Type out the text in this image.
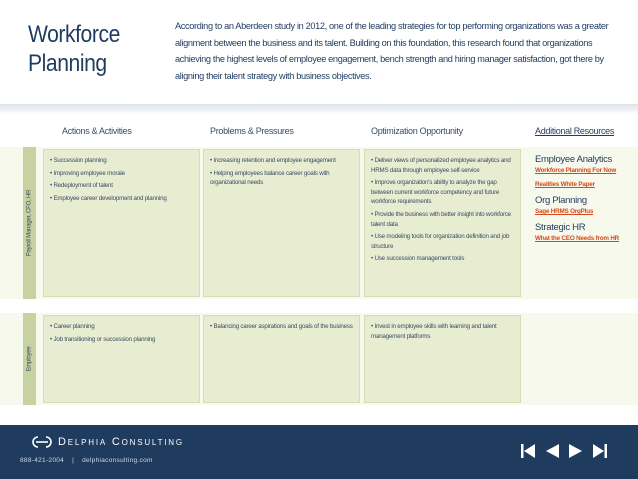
Workforce
Planning
According to an Aberdeen study in 2012, one of the leading strategies for top performing organizations was a greater alignment between the business and its talent. Building on this foundation, this research found that organizations achieving the highest levels of employee engagement, bench strength and hiring manager satisfaction, got there by aligning their talent strategy with business objectives.
Actions & Activities	Problems & Pressures	Optimization Opportunity	Additional Resources
Payroll Manager, CFO, HR
• Succession planning
• Improving employee morale
• Redeployment of talent
• Employee career development and planning
• Increasing retention and employee engagement
• Helping employees balance career goals with organizational needs
• Deliver views of personalized employee analytics and HRMS data through employee self-service
• Improve organization's ability to analyze the gap between current workforce competency and future workforce requirements
• Provide the business with better insight into workforce talent data
• Use modeling tools for organization definition and job structure
• Use succession management tools
Employee
• Career planning
• Job transitioning or succession planning
• Balancing career aspirations and goals of the business
•	Invest in employee skills with learning and talent management platforms
Employee Analytics
Workforce Planning For Now
Realities White Paper
Org Planning
Sage HRMS OrgPlus
Strategic HR
What the CEO Needs from HR
Delphia Consulting
888-421-2004 | delphiaconsulting.com
